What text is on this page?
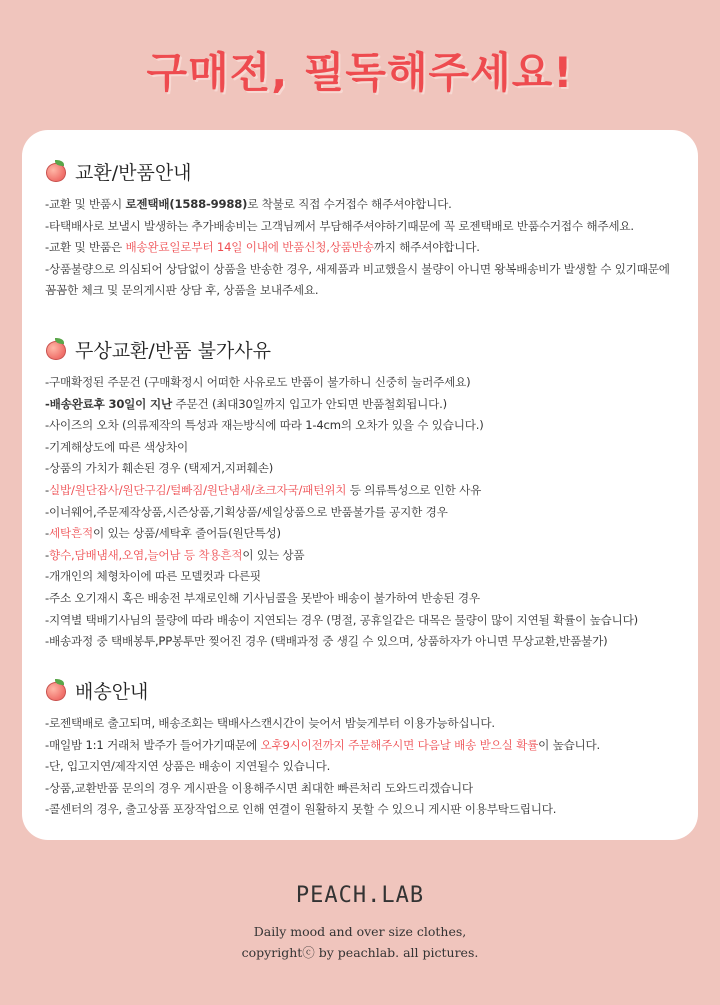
구매전, 필독해주세요!
교환/반품안내
-교환 및 반품시 로젠택배(1588-9988)로 착불로 직접 수거접수 해주셔야합니다.
-타택배사로 보낼시 발생하는 추가배송비는 고객님께서 부담해주셔야하기때문에 꼭 로젠택배로 반품수거접수 해주세요.
-교환 및 반품은 배송완료일로부터 14일 이내에 반품신청,상품반송까지 해주셔야합니다.
-상품불량으로 의심되어 상담없이 상품을 반송한 경우, 새제품과 비교했을시 불량이 아니면 왕복배송비가 발생할 수 있기때문에
꼼꼼한 체크 및 문의게시판 상담 후, 상품을 보내주세요.
무상교환/반품 불가사유
-구매확정된 주문건 (구매확정시 어떠한 사유로도 반품이 불가하니 신중히 눌러주세요)
-배송완료후 30일이 지난 주문건 (최대30일까지 입고가 안되면 반품철회됩니다.)
-사이즈의 오차 (의류제작의 특성과 재는방식에 따라 1-4cm의 오차가 있을 수 있습니다.)
-기계해상도에 따른 색상차이
-상품의 가치가 훼손된 경우 (택제거,지퍼훼손)
-실밥/원단잡사/원단구김/털빠짐/원단냄새/초크자국/패턴위치 등 의류특성으로 인한 사유
-이너웨어,주문제작상품,시즌상품,기획상품/세일상품으로 반품불가를 공지한 경우
-세탁흔적이 있는 상품/세탁후 줄어듬(원단특성)
-향수,담배냄새,오염,늘어남 등 착용흔적이 있는 상품
-개개인의 체형차이에 따른 모델컷과 다른핏
-주소 오기재시 혹은 배송전 부재로인해 기사님콜을 못받아 배송이 불가하여 반송된 경우
-지역별 택배기사님의 물량에 따라 배송이 지연되는 경우 (명절, 공휴일같은 대목은 물량이 많이 지연될 확률이 높습니다)
-배송과정 중 택배봉투,PP봉투만 찢어진 경우 (택배과정 중 생길 수 있으며, 상품하자가 아니면 무상교환,반품불가)
배송안내
-로젠택배로 출고되며, 배송조회는 택배사스캔시간이 늦어서 밤늦게부터 이용가능하십니다.
-매일밤 1:1 거래처 발주가 들어가기때문에 오후9시이전까지 주문해주시면 다음날 배송 받으실 확률이 높습니다.
-단, 입고지연/제작지연 상품은 배송이 지연될수 있습니다.
-상품,교환반품 문의의 경우 게시판을 이용해주시면 최대한 빠른처리 도와드리겠습니다
-콜센터의 경우, 출고상품 포장작업으로 인해 연결이 원활하지 못할 수 있으니 게시판 이용부탁드립니다.
PEACH.LAB
Daily mood and over size clothes,
copyrightⓒ by peachlab. all pictures.
